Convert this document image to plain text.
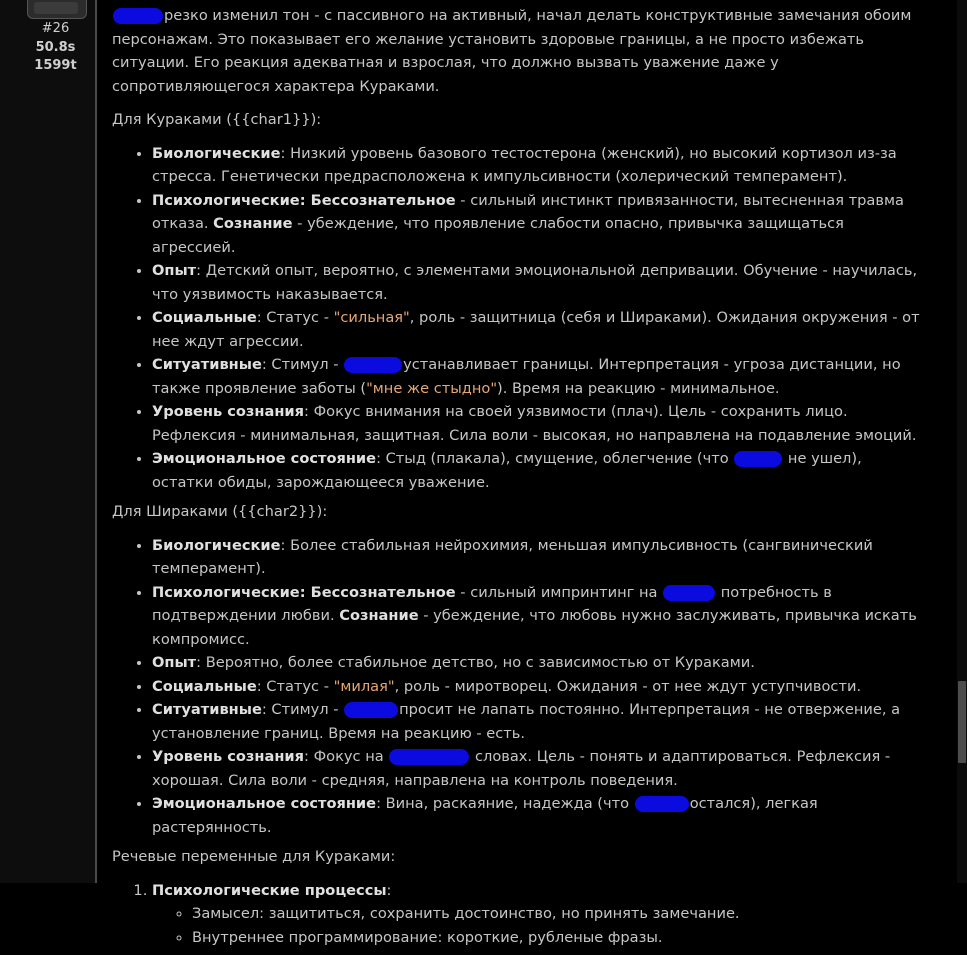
#26
50.8s
1599t

резко изменил тон - с пассивного на активный, начал делать конструктивные замечания обоим персонажам. Это показывает его желание установить здоровые границы, а не просто избежать ситуации. Его реакция адекватная и взрослая, что должно вызвать уважение даже у сопротивляющегося характера Кураками.

Для Кураками ({{char1}}):

• Биологические: Низкий уровень базового тестостерона (женский), но высокий кортизол из-за стресса. Генетически предрасположена к импульсивности (холерический темперамент).
• Психологические: Бессознательное - сильный инстинкт привязанности, вытесненная травма отказа. Сознание - убеждение, что проявление слабости опасно, привычка защищаться агрессией.
• Опыт: Детский опыт, вероятно, с элементами эмоциональной депривации. Обучение - научилась, что уязвимость наказывается.
• Социальные: Статус - "сильная", роль - защитница (себя и Шираками). Ожидания окружения - от нее ждут агрессии.
• Ситуативные: Стимул -	устанавливает границы. Интерпретация - угроза дистанции, но также проявление заботы ("мне же стыдно"). Время на реакцию - минимальное.
• Уровень сознания: Фокус внимания на своей уязвимости (плач). Цель - сохранить лицо. Рефлексия - минимальная, защитная. Сила воли - высокая, но направлена на подавление эмоций.
• Эмоциональное состояние: Стыд (плакала), смущение, облегчение (что	не ушел), остатки обиды, зарождающееся уважение.

Для Шираками ({{char2}}):

• Биологические: Более стабильная нейрохимия, меньшая импульсивность (сангвинический темперамент).
• Психологические: Бессознательное - сильный импринтинг на	потребность в подтверждении любви. Сознание - убеждение, что любовь нужно заслуживать, привычка искать компромисс.
• Опыт: Вероятно, более стабильное детство, но с зависимостью от Кураками.
• Социальные: Статус - "милая", роль - миротворец. Ожидания - от нее ждут уступчивости.
• Ситуативные: Стимул -	просит не лапать постоянно. Интерпретация - не отвержение, а установление границ. Время на реакцию - есть.
• Уровень сознания: Фокус на	словах. Цель - понять и адаптироваться. Рефлексия - хорошая. Сила воли - средняя, направлена на контроль поведения.
• Эмоциональное состояние: Вина, раскаяние, надежда (что	остался), легкая растерянность.

Речевые переменные для Кураками:

1. Психологические процессы:
◦ Замысел: защититься, сохранить достоинство, но принять замечание.
◦ Внутреннее программирование: короткие, рубленые фразы.
